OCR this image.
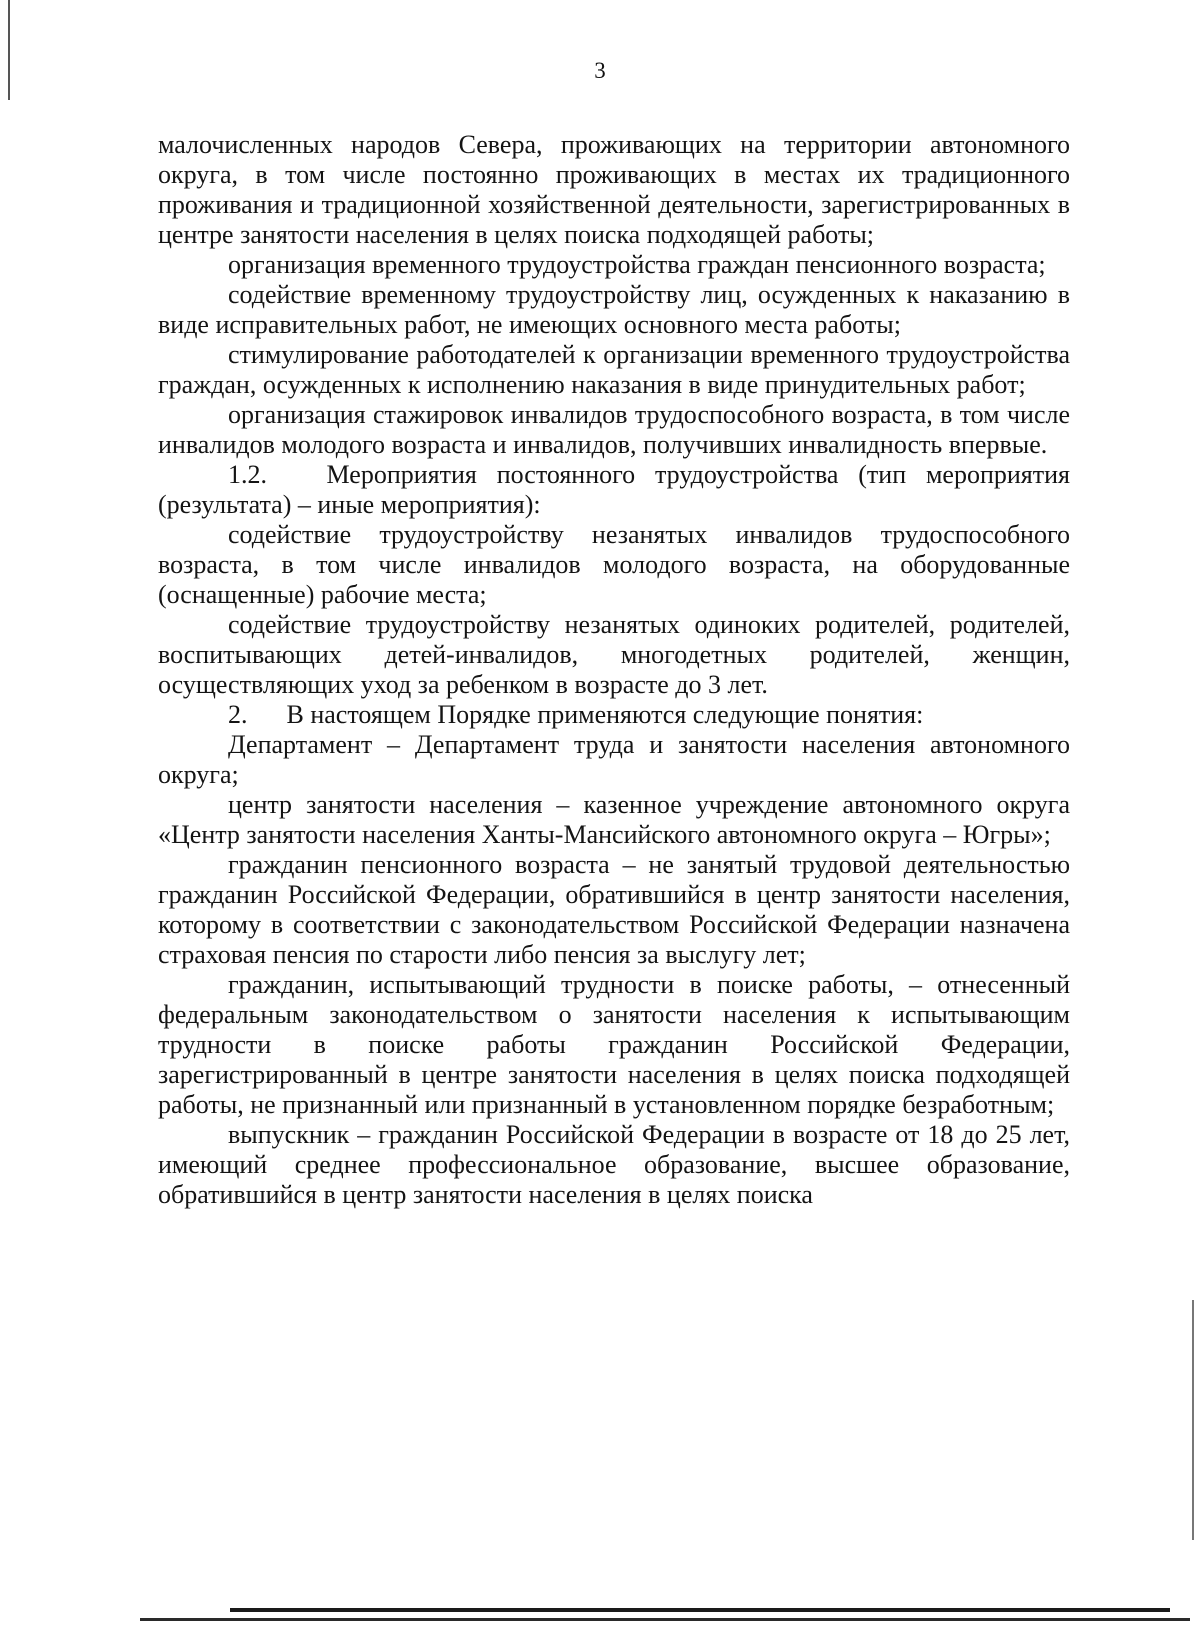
3

малочисленных народов Севера, проживающих на территории автономного округа, в том числе постоянно проживающих в местах их традиционного проживания и традиционной хозяйственной деятельности, зарегистрированных в центре занятости населения в целях поиска подходящей работы;

организация временного трудоустройства граждан пенсионного возраста;

содействие временному трудоустройству лиц, осужденных к наказанию в виде исправительных работ, не имеющих основного места работы;

стимулирование работодателей к организации временного трудоустройства граждан, осужденных к исполнению наказания в виде принудительных работ;

организация стажировок инвалидов трудоспособного возраста, в том числе инвалидов молодого возраста и инвалидов, получивших инвалидность впервые.

1.2.   Мероприятия постоянного трудоустройства (тип мероприятия (результата) – иные мероприятия):

содействие трудоустройству незанятых инвалидов трудоспособного возраста, в том числе инвалидов молодого возраста, на оборудованные (оснащенные) рабочие места;

содействие трудоустройству незанятых одиноких родителей, родителей, воспитывающих детей-инвалидов, многодетных родителей, женщин, осуществляющих уход за ребенком в возрасте до 3 лет.

2.      В настоящем Порядке применяются следующие понятия:

Департамент – Департамент труда и занятости населения автономного округа;

центр занятости населения – казенное учреждение автономного округа «Центр занятости населения Ханты-Мансийского автономного округа – Югры»;

гражданин пенсионного возраста – не занятый трудовой деятельностью гражданин Российской Федерации, обратившийся в центр занятости населения, которому в соответствии с законодательством Российской Федерации назначена страховая пенсия по старости либо пенсия за выслугу лет;

гражданин, испытывающий трудности в поиске работы, – отнесенный федеральным законодательством о занятости населения к испытывающим трудности в поиске работы гражданин Российской Федерации, зарегистрированный в центре занятости населения в целях поиска подходящей работы, не признанный или признанный в установленном порядке безработным;

выпускник – гражданин Российской Федерации в возрасте от 18 до 25 лет, имеющий среднее профессиональное образование, высшее образование, обратившийся в центр занятости населения в целях поиска
